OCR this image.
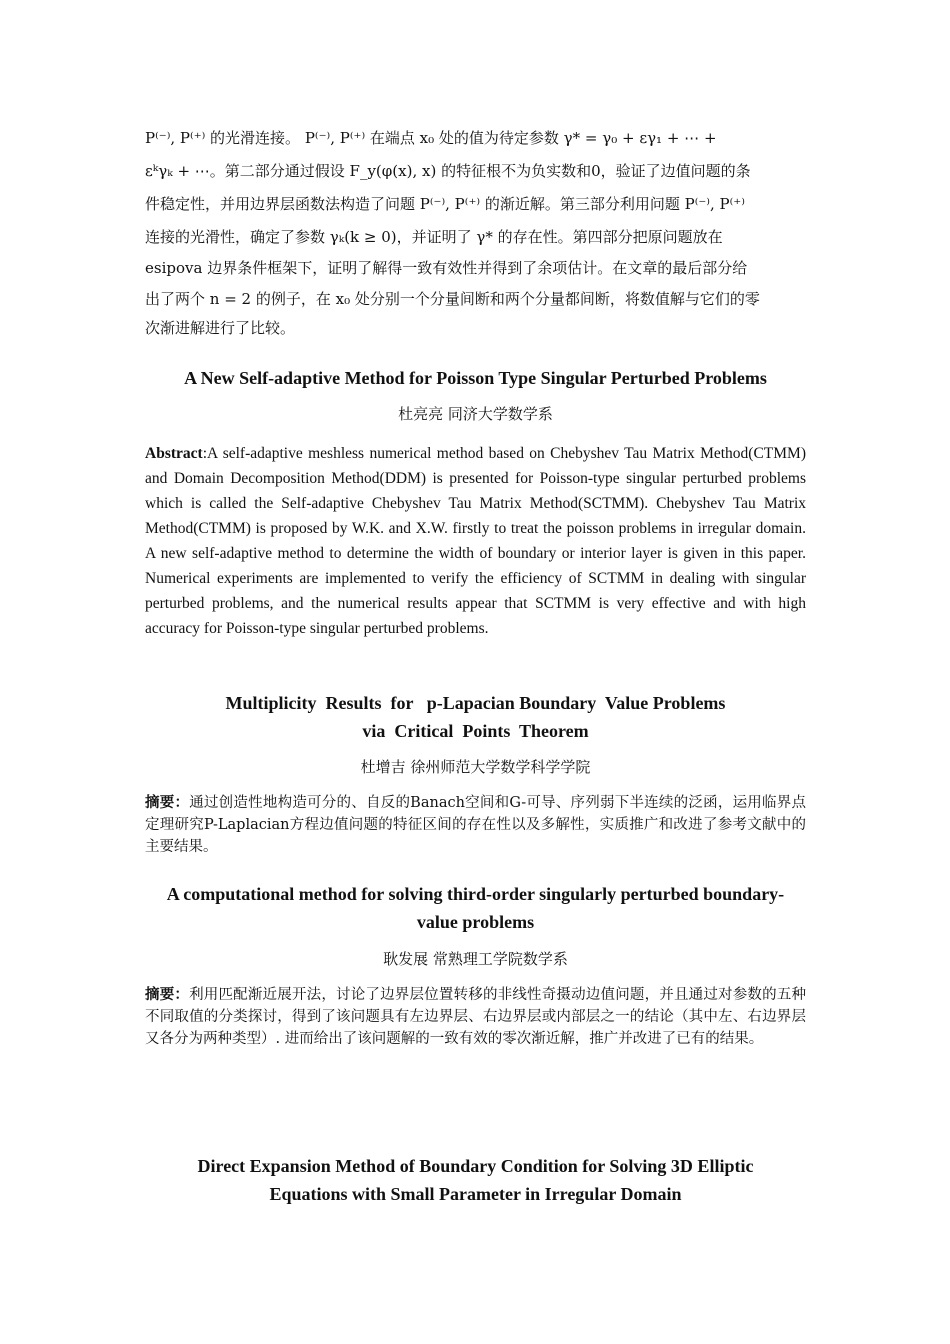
P⁽⁻⁾, P⁽⁺⁾ 的光滑连接。 P⁽⁻⁾, P⁽⁺⁾ 在端点 x₀ 处的值为待定参数 γ* = γ₀ + εγ₁ + ⋯ +
εᵏγₖ + ⋯。第二部分通过假设 F_y(φ(x), x) 的特征根不为负实数和0，验证了边值问题的条
件稳定性，并用边界层函数法构造了问题 P⁽⁻⁾, P⁽⁺⁾ 的渐近解。第三部分利用问题 P⁽⁻⁾, P⁽⁺⁾
连接的光滑性，确定了参数 γₖ(k ≥ 0)，并证明了 γ* 的存在性。第四部分把原问题放在
esipova 边界条件框架下，证明了解得一致有效性并得到了余项估计。在文章的最后部分给
出了两个 n = 2 的例子，在 x₀ 处分别一个分量间断和两个分量都间断，将数值解与它们的零
次渐进解进行了比较。
A New Self-adaptive Method for Poisson Type Singular Perturbed Problems
杜亮亮 同济大学数学系
Abstract:A self-adaptive meshless numerical method based on Chebyshev Tau Matrix Method(CTMM) and Domain Decomposition Method(DDM) is presented for Poisson-type singular perturbed problems which is called the Self-adaptive Chebyshev Tau Matrix Method(SCTMM). Chebyshev Tau Matrix Method(CTMM) is proposed by W.K. and X.W. firstly to treat the poisson problems in irregular domain. A new self-adaptive method to determine the width of boundary or interior layer is given in this paper. Numerical experiments are implemented to verify the efficiency of SCTMM in dealing with singular perturbed problems, and the numerical results appear that SCTMM is very effective and with high accuracy for Poisson-type singular perturbed problems.
Multiplicity  Results  for   p-Lapacian Boundary  Value Problems
via  Critical  Points  Theorem
杜增吉 徐州师范大学数学科学学院
摘要：通过创造性地构造可分的、自反的Banach空间和G-可导、序列弱下半连续的泛函，运用临界点定理研究P-Laplacian方程边值问题的特征区间的存在性以及多解性，实质推广和改进了参考文献中的主要结果。
A computational method for solving third-order singularly perturbed boundary-
value problems
耿发展 常熟理工学院数学系
摘要：利用匹配渐近展开法，讨论了边界层位置转移的非线性奇摄动边值问题，并且通过对参数的五种不同取值的分类探讨，得到了该问题具有左边界层、右边界层或内部层之一的结论（其中左、右边界层又各分为两种类型）. 进而给出了该问题解的一致有效的零次渐近解，推广并改进了已有的结果。
Direct Expansion Method of Boundary Condition for Solving 3D Elliptic
Equations with Small Parameter in Irregular Domain
